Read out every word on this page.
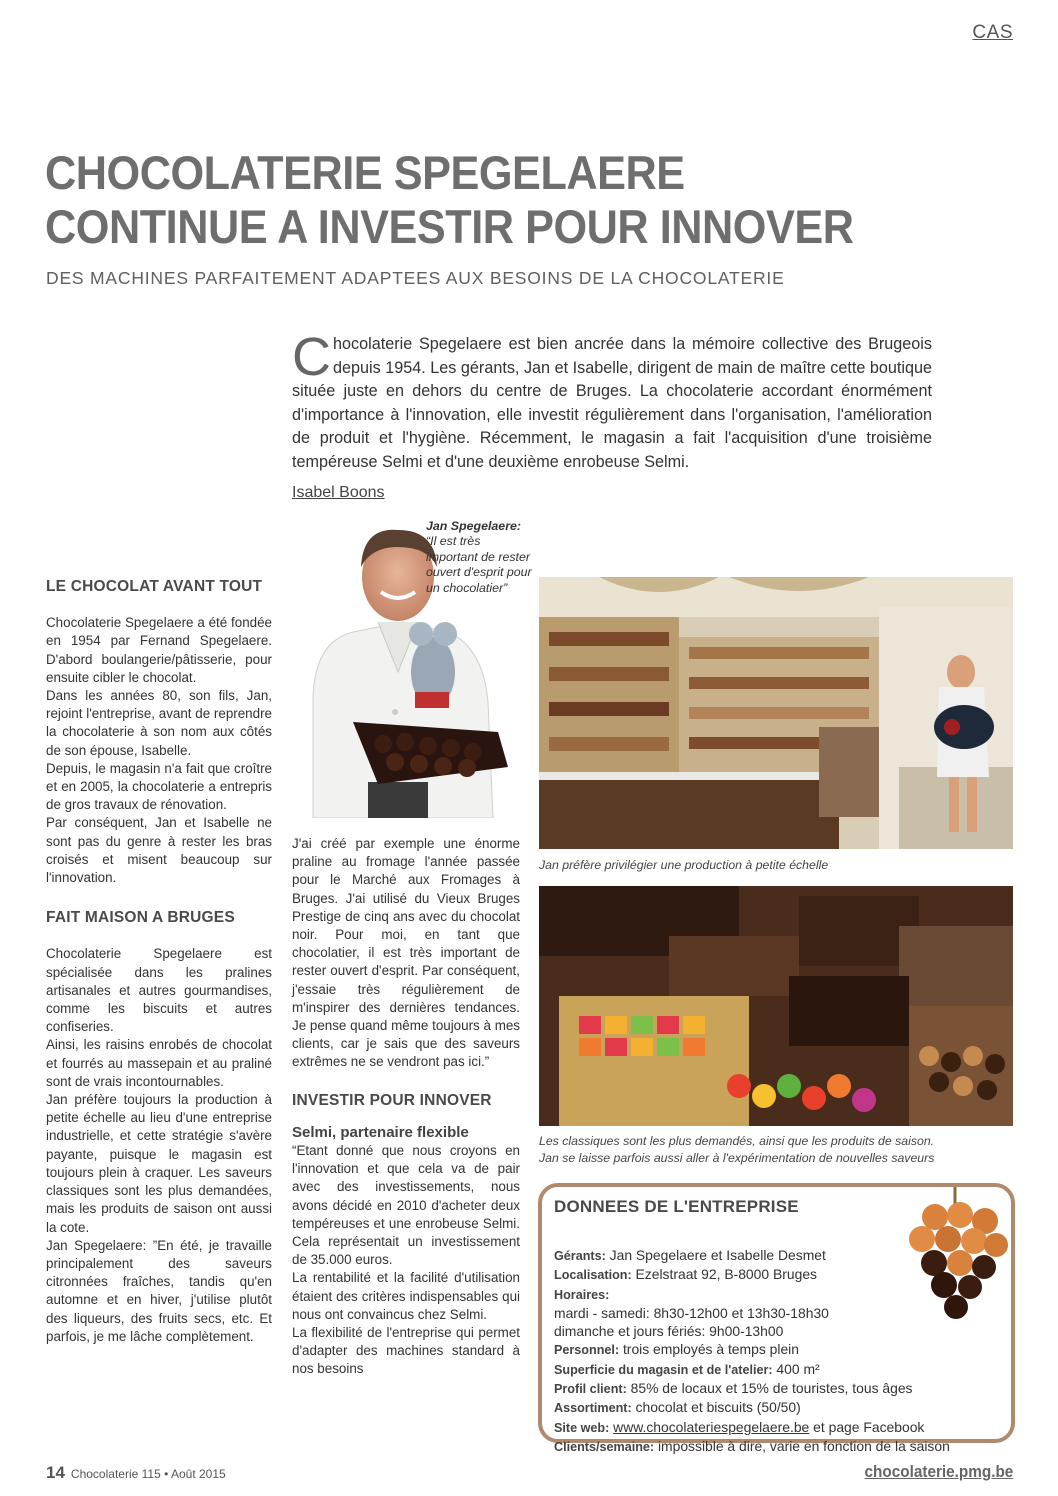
CAS
CHOCOLATERIE SPEGELAERE
CONTINUE A INVESTIR POUR INNOVER
DES MACHINES PARFAITEMENT ADAPTEES AUX BESOINS DE LA CHOCOLATERIE
Chocolaterie Spegelaere est bien ancrée dans la mémoire collective des Brugeois depuis 1954. Les gérants, Jan et Isabelle, dirigent de main de maître cette boutique située juste en dehors du centre de Bruges. La chocolaterie accordant énormément d'importance à l'innovation, elle investit régulièrement dans l'organisation, l'amélioration de produit et l'hygiène. Récemment, le magasin a fait l'acquisition d'une troisième tempéreuse Selmi et d'une deuxième enrobeuse Selmi.
Isabel Boons
Jan Spegelaere:
“Il est très important de rester ouvert d'esprit pour un chocolatier”
LE CHOCOLAT AVANT TOUT

Chocolaterie Spegelaere a été fondée en 1954 par Fernand Spegelaere. D'abord boulangerie/pâtisserie, pour ensuite cibler le chocolat.

Dans les années 80, son fils, Jan, rejoint l'entreprise, avant de reprendre la chocolaterie à son nom aux côtés de son épouse, Isabelle.

Depuis, le magasin n'a fait que croître et en 2005, la chocolaterie a entrepris de gros travaux de rénovation.

Par conséquent, Jan et Isabelle ne sont pas du genre à rester les bras croisés et misent beaucoup sur l'innovation.

FAIT MAISON A BRUGES

Chocolaterie Spegelaere est spécialisée dans les pralines artisanales et autres gourmandises, comme les biscuits et autres confiseries.

Ainsi, les raisins enrobés de chocolat et fourrés au massepain et au praliné sont de vrais incontournables.

Jan préfère toujours la production à petite échelle au lieu d'une entreprise industrielle, et cette stratégie s'avère payante, puisque le magasin est toujours plein à craquer. Les saveurs classiques sont les plus demandées, mais les produits de saison ont aussi la cote.

Jan Spegelaere: ”En été, je travaille principalement des saveurs citronnées fraîches, tandis qu'en automne et en hiver, j'utilise plutôt des liqueurs, des fruits secs, etc. Et parfois, je me lâche complètement.

J'ai créé par exemple une énorme praline au fromage l'année passée pour le Marché aux Fromages à Bruges. J'ai utilisé du Vieux Bruges Prestige de cinq ans avec du chocolat noir. Pour moi, en tant que chocolatier, il est très important de rester ouvert d'esprit. Par conséquent, j'essaie très régulièrement de m'inspirer des dernières tendances. Je pense quand même toujours à mes clients, car je sais que des saveurs extrêmes ne se vendront pas ici.”

INVESTIR POUR INNOVER
Selmi, partenaire flexible

“Etant donné que nous croyons en l'innovation et que cela va de pair avec des investissements, nous avons décidé en 2010 d'acheter deux tempéreuses et une enrobeuse Selmi. Cela représentait un investissement de 35.000 euros.

La rentabilité et la facilité d'utilisation étaient des critères indispensables qui nous ont convaincus chez Selmi.

La flexibilité de l'entreprise qui permet d'adapter des machines standard à nos besoins

Jan préfère privilégier une production à petite échelle
Les classiques sont les plus demandés, ainsi que les produits de saison.
Jan se laisse parfois aussi aller à l'expérimentation de nouvelles saveurs
DONNEES DE L'ENTREPRISE
Gérants: Jan Spegelaere et Isabelle Desmet
Localisation: Ezelstraat 92, B-8000 Bruges
Horaires:
mardi - samedi: 8h30-12h00 et 13h30-18h30
dimanche et jours fériés: 9h00-13h00
Personnel: trois employés à temps plein
Superficie du magasin et de l'atelier: 400 m²
Profil client: 85% de locaux et 15% de touristes, tous âges
Assortiment: chocolat et biscuits (50/50)
Site web: www.chocolateriespegelaere.be et page Facebook
Clients/semaine: impossible à dire, varie en fonction de la saison
14 Chocolaterie 115 • Août 2015	chocolaterie.pmg.be
